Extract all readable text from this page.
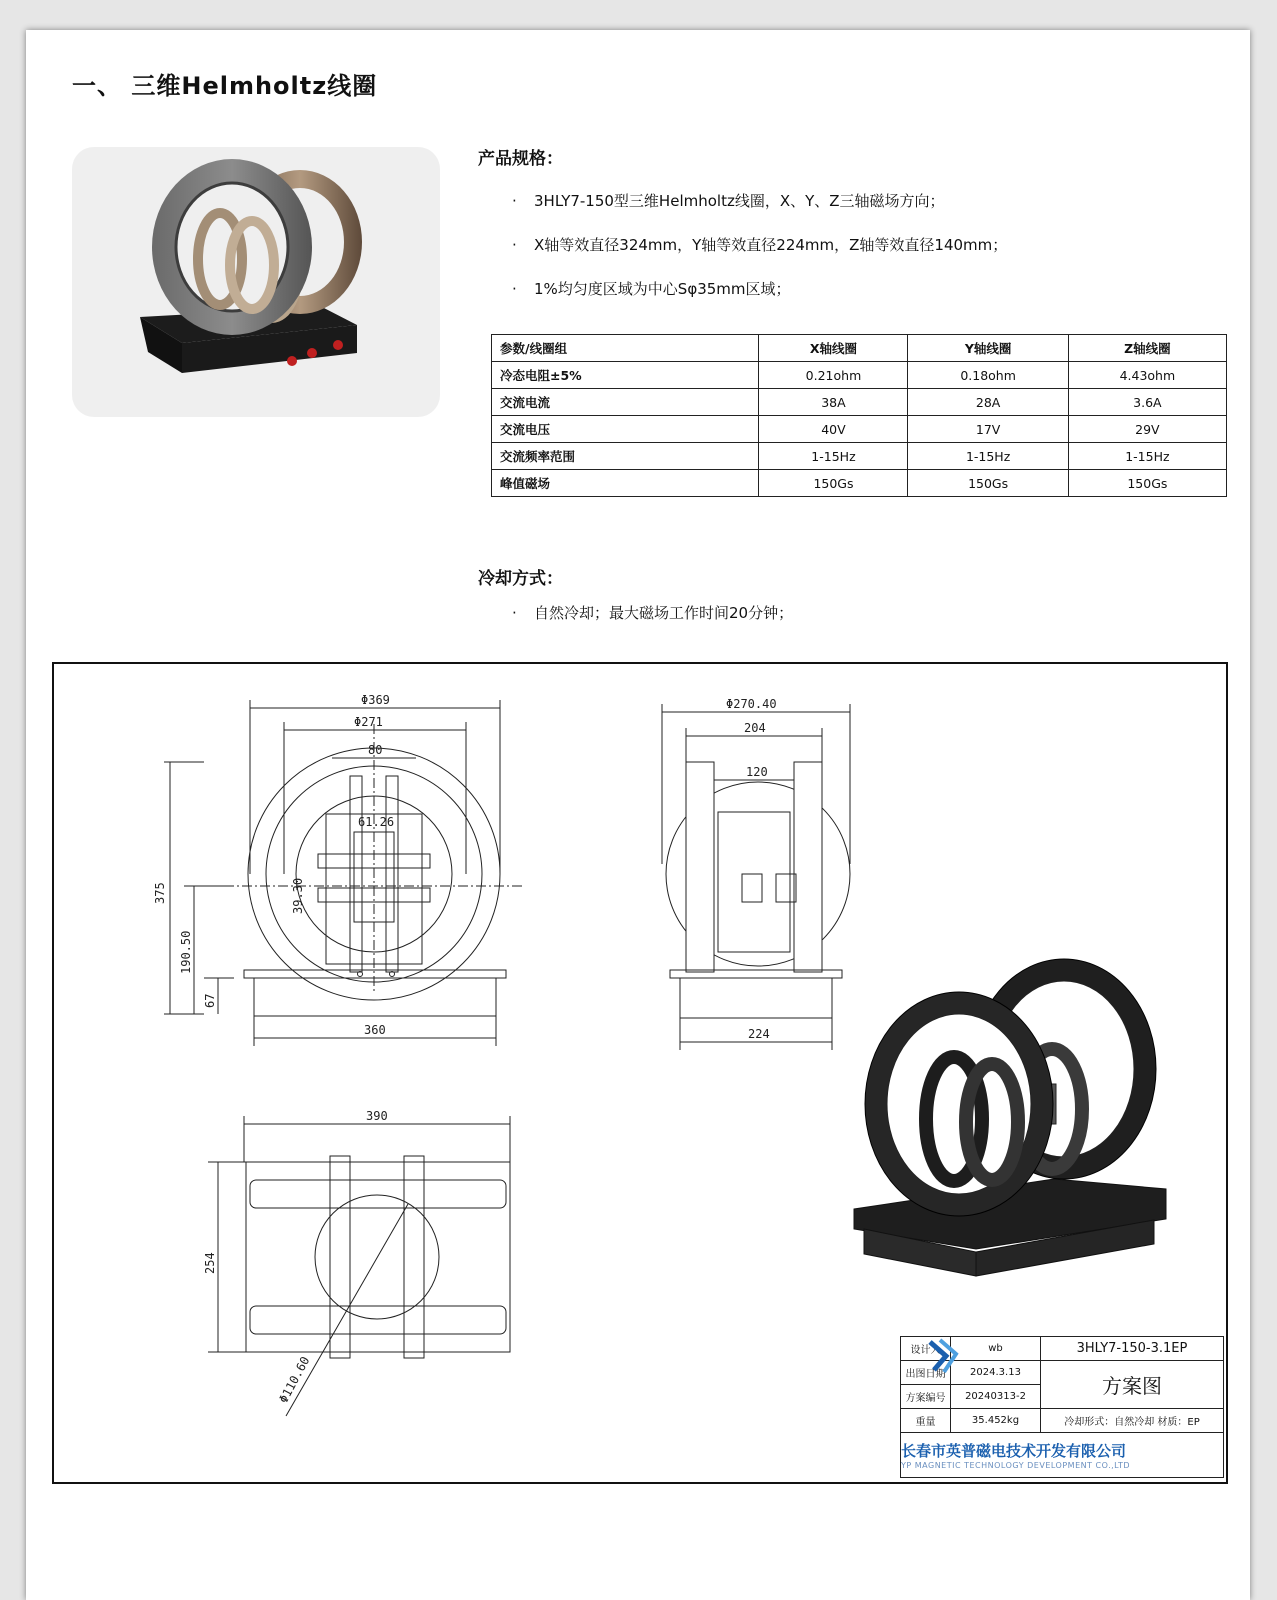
一、 三维Helmholtz线圈
产品规格：
· 3HLY7-150型三维Helmholtz线圈，X、Y、Z三轴磁场方向；
· X轴等效直径324mm，Y轴等效直径224mm，Z轴等效直径140mm；
· 1%均匀度区域为中心Sφ35mm区域；
参数/线圈组	X轴线圈	Y轴线圈	Z轴线圈
冷态电阻±5%	0.21ohm	0.18ohm	4.43ohm
交流电流	38A	28A	3.6A
交流电压	40V	17V	29V
交流频率范围	1-15Hz	1-15Hz	1-15Hz
峰值磁场	150Gs	150Gs	150Gs
冷却方式：
· 自然冷却；最大磁场工作时间20分钟；
Φ369
Φ271
80
61.26
39.30
375
190.50
67
360
Φ270.40
204
120
224
390
254
Φ110.60
设计人	wb	3HLY7-150-3.1EP
出图日期	2024.3.13	方案图
方案编号	20240313-2	
重量	35.452kg	冷却形式：自然冷却 材质：EP
长春市英普磁电技术开发有限公司
YP MAGNETIC TECHNOLOGY DEVELOPMENT CO.,LTD
